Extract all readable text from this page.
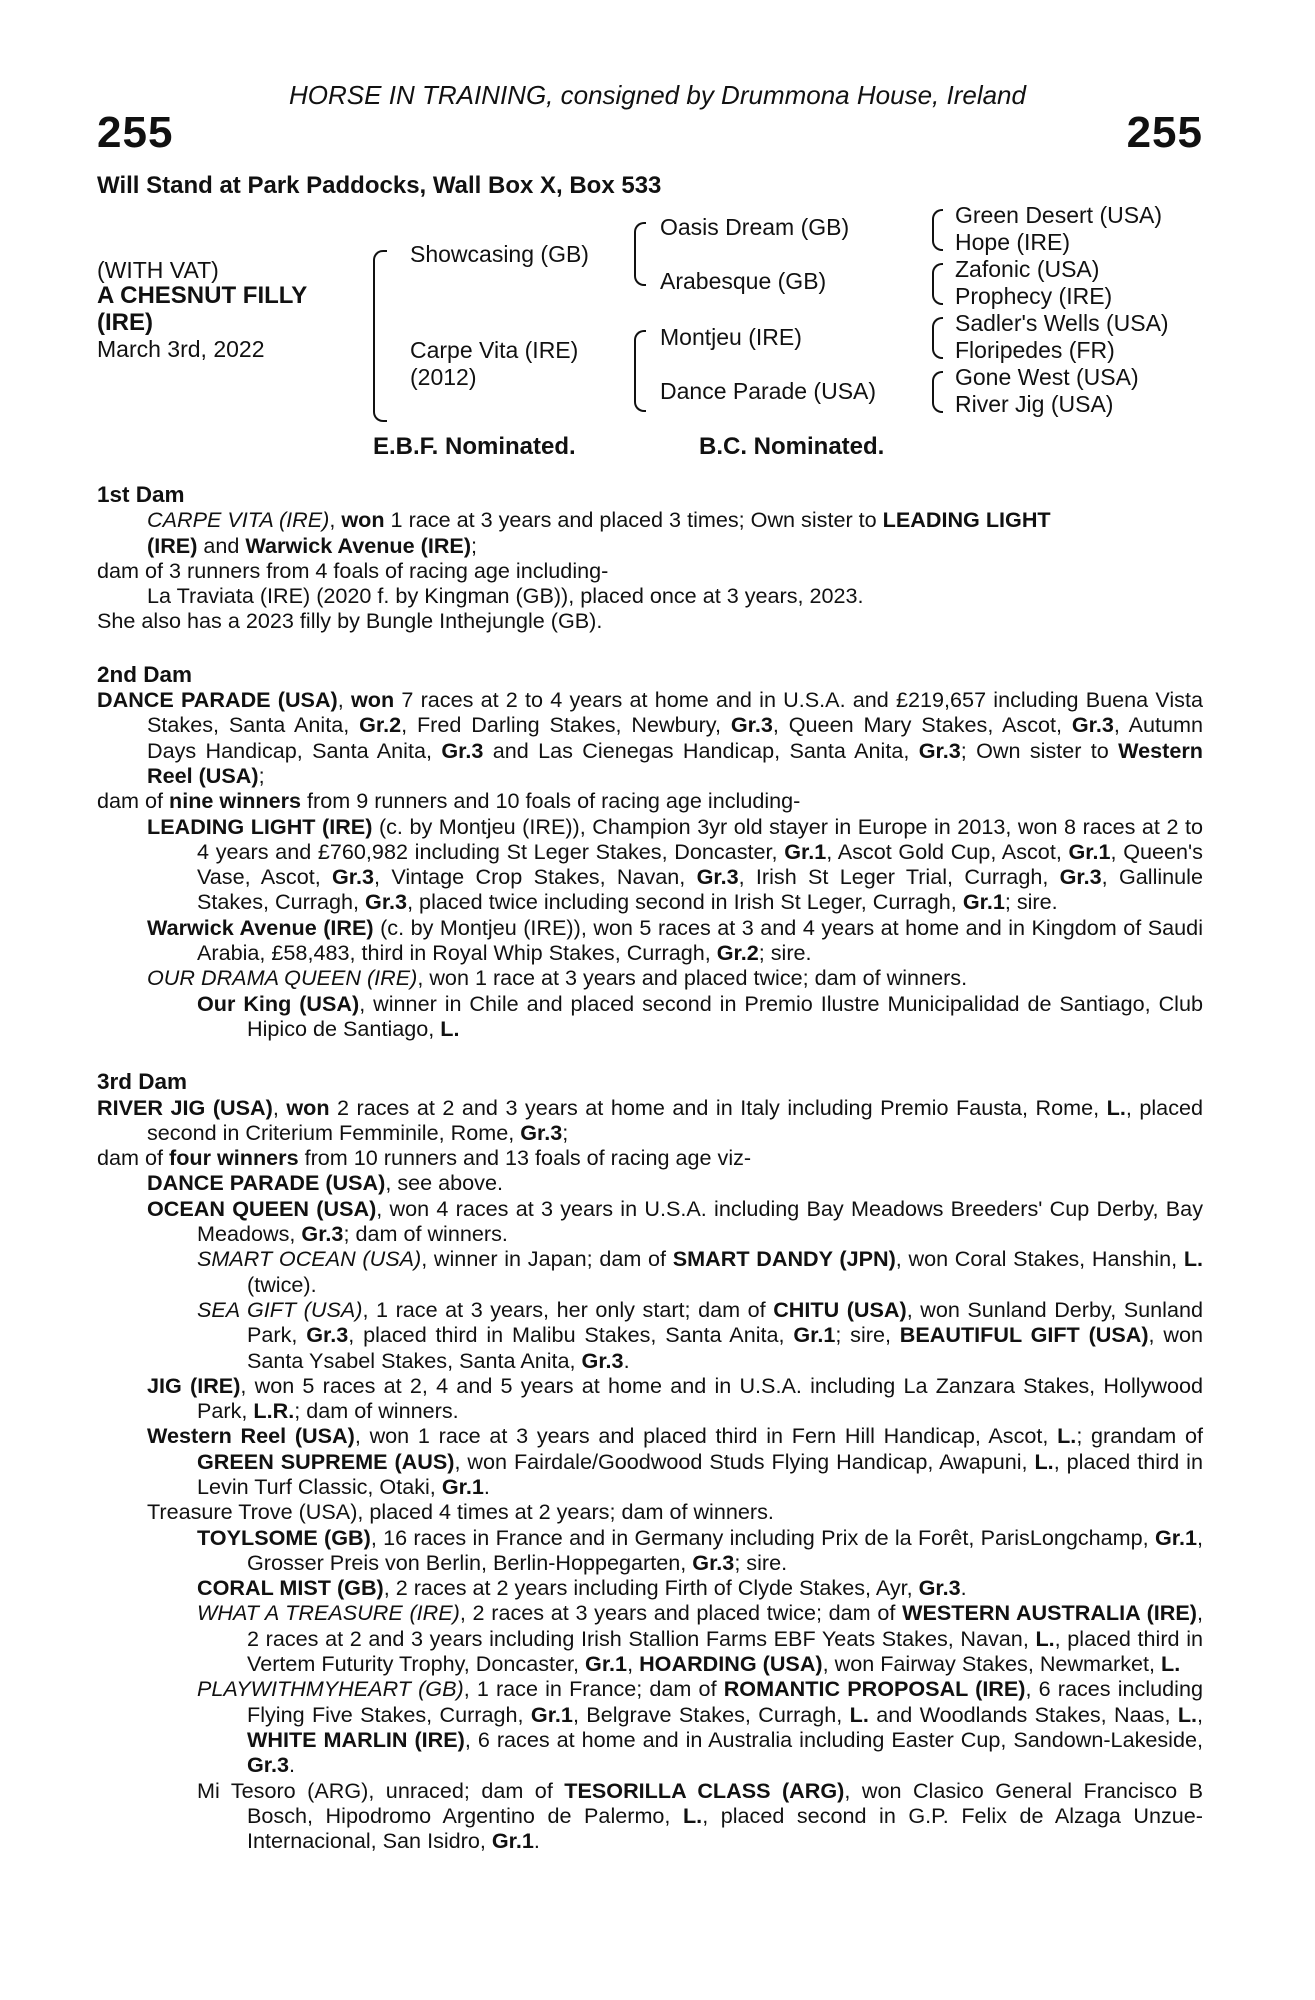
HORSE IN TRAINING, consigned by Drummona House, Ireland
255	255
Will Stand at Park Paddocks, Wall Box X, Box 533
(WITH VAT)
A CHESNUT FILLY
(IRE)
March 3rd, 2022
Showcasing (GB)
Carpe Vita (IRE)
(2012)
Oasis Dream (GB)
Arabesque (GB)
Montjeu (IRE)
Dance Parade (USA)
Green Desert (USA)
Hope (IRE)
Zafonic (USA)
Prophecy (IRE)
Sadler's Wells (USA)
Floripedes (FR)
Gone West (USA)
River Jig (USA)
E.B.F. Nominated.	B.C. Nominated.
1st Dam

CARPE VITA (IRE), won 1 race at 3 years and placed 3 times; Own sister to LEADING LIGHT

(IRE) and Warwick Avenue (IRE);

dam of 3 runners from 4 foals of racing age including-

La Traviata (IRE) (2020 f. by Kingman (GB)), placed once at 3 years, 2023.

She also has a 2023 filly by Bungle Inthejungle (GB).

2nd Dam

DANCE PARADE (USA), won 7 races at 2 to 4 years at home and in U.S.A. and £219,657 including Buena Vista Stakes, Santa Anita, Gr.2, Fred Darling Stakes, Newbury, Gr.3, Queen Mary Stakes, Ascot, Gr.3, Autumn Days Handicap, Santa Anita, Gr.3 and Las Cienegas Handicap, Santa Anita, Gr.3; Own sister to Western Reel (USA);

dam of nine winners from 9 runners and 10 foals of racing age including-

LEADING LIGHT (IRE) (c. by Montjeu (IRE)), Champion 3yr old stayer in Europe in 2013, won 8 races at 2 to 4 years and £760,982 including St Leger Stakes, Doncaster, Gr.1, Ascot Gold Cup, Ascot, Gr.1, Queen's Vase, Ascot, Gr.3, Vintage Crop Stakes, Navan, Gr.3, Irish St Leger Trial, Curragh, Gr.3, Gallinule Stakes, Curragh, Gr.3, placed twice including second in Irish St Leger, Curragh, Gr.1; sire.

Warwick Avenue (IRE) (c. by Montjeu (IRE)), won 5 races at 3 and 4 years at home and in Kingdom of Saudi Arabia, £58,483, third in Royal Whip Stakes, Curragh, Gr.2; sire.

OUR DRAMA QUEEN (IRE), won 1 race at 3 years and placed twice; dam of winners.

Our King (USA), winner in Chile and placed second in Premio Ilustre Municipalidad de Santiago, Club Hipico de Santiago, L.

3rd Dam

RIVER JIG (USA), won 2 races at 2 and 3 years at home and in Italy including Premio Fausta, Rome, L., placed second in Criterium Femminile, Rome, Gr.3;

dam of four winners from 10 runners and 13 foals of racing age viz-

DANCE PARADE (USA), see above.

OCEAN QUEEN (USA), won 4 races at 3 years in U.S.A. including Bay Meadows Breeders' Cup Derby, Bay Meadows, Gr.3; dam of winners.

SMART OCEAN (USA), winner in Japan; dam of SMART DANDY (JPN), won Coral Stakes, Hanshin, L. (twice).

SEA GIFT (USA), 1 race at 3 years, her only start; dam of CHITU (USA), won Sunland Derby, Sunland Park, Gr.3, placed third in Malibu Stakes, Santa Anita, Gr.1; sire, BEAUTIFUL GIFT (USA), won Santa Ysabel Stakes, Santa Anita, Gr.3.

JIG (IRE), won 5 races at 2, 4 and 5 years at home and in U.S.A. including La Zanzara Stakes, Hollywood Park, L.R.; dam of winners.

Western Reel (USA), won 1 race at 3 years and placed third in Fern Hill Handicap, Ascot, L.; grandam of GREEN SUPREME (AUS), won Fairdale/Goodwood Studs Flying Handicap, Awapuni, L., placed third in Levin Turf Classic, Otaki, Gr.1.

Treasure Trove (USA), placed 4 times at 2 years; dam of winners.

TOYLSOME (GB), 16 races in France and in Germany including Prix de la Forêt, ParisLongchamp, Gr.1, Grosser Preis von Berlin, Berlin-Hoppegarten, Gr.3; sire.

CORAL MIST (GB), 2 races at 2 years including Firth of Clyde Stakes, Ayr, Gr.3.

WHAT A TREASURE (IRE), 2 races at 3 years and placed twice; dam of WESTERN AUSTRALIA (IRE), 2 races at 2 and 3 years including Irish Stallion Farms EBF Yeats Stakes, Navan, L., placed third in Vertem Futurity Trophy, Doncaster, Gr.1, HOARDING (USA), won Fairway Stakes, Newmarket, L.

PLAYWITHMYHEART (GB), 1 race in France; dam of ROMANTIC PROPOSAL (IRE), 6 races including Flying Five Stakes, Curragh, Gr.1, Belgrave Stakes, Curragh, L. and Woodlands Stakes, Naas, L., WHITE MARLIN (IRE), 6 races at home and in Australia including Easter Cup, Sandown-Lakeside, Gr.3.

Mi Tesoro (ARG), unraced; dam of TESORILLA CLASS (ARG), won Clasico General Francisco B Bosch, Hipodromo Argentino de Palermo, L., placed second in G.P. Felix de Alzaga Unzue-Internacional, San Isidro, Gr.1.
